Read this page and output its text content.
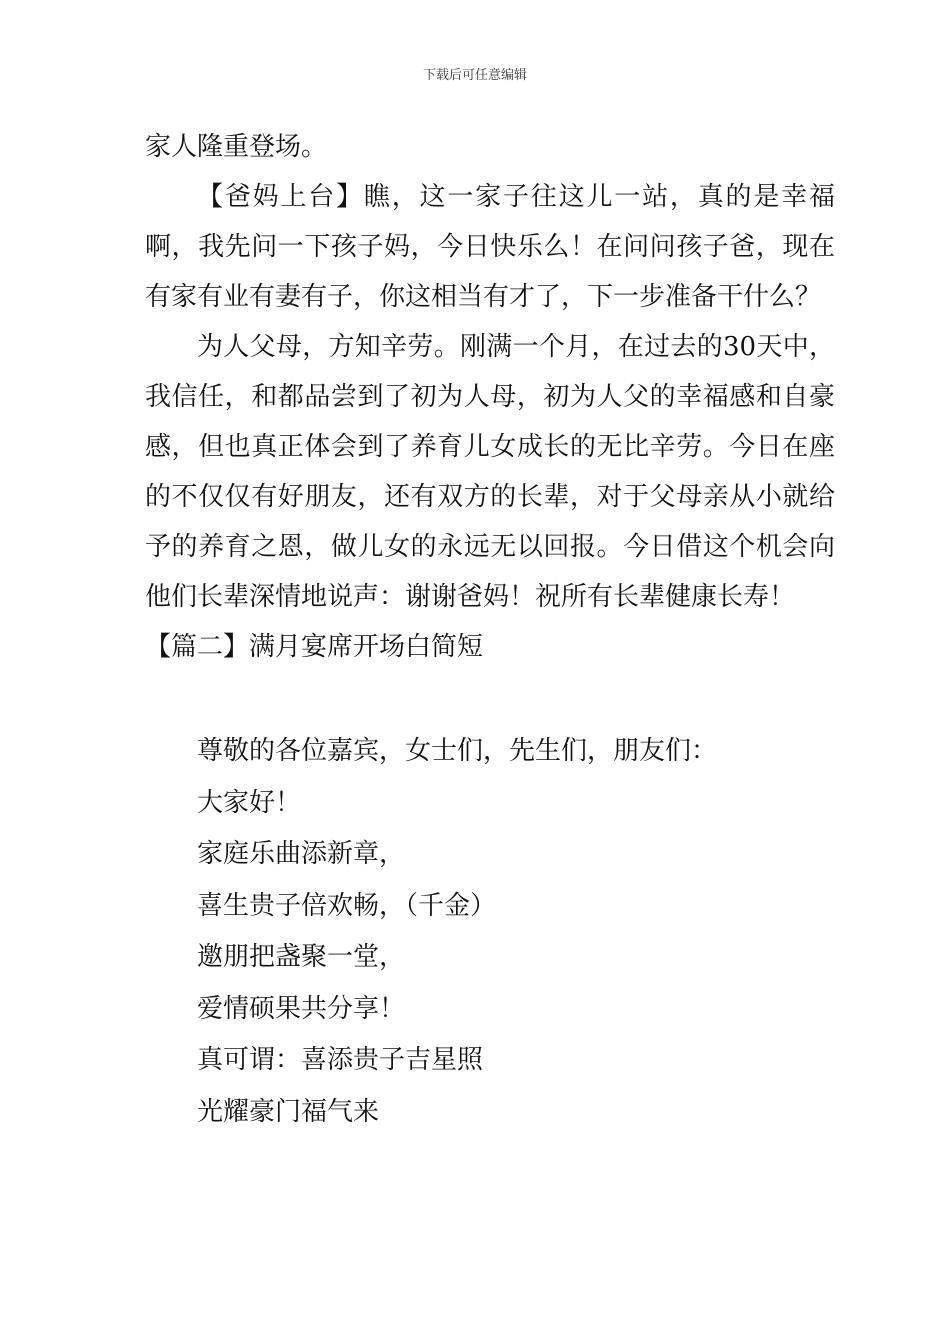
下载后可任意编辑

家人隆重登场。

【爸妈上台】瞧，这一家子往这儿一站，真的是幸福啊，我先问一下孩子妈，今日快乐么！在问问孩子爸，现在有家有业有妻有子，你这相当有才了，下一步准备干什么？

为人父母，方知辛劳。刚满一个月，在过去的30天中，我信任，和都品尝到了初为人母，初为人父的幸福感和自豪感，但也真正体会到了养育儿女成长的无比辛劳。今日在座的不仅仅有好朋友，还有双方的长辈，对于父母亲从小就给予的养育之恩，做儿女的永远无以回报。今日借这个机会向他们长辈深情地说声：谢谢爸妈！祝所有长辈健康长寿！

【篇二】满月宴席开场白简短

尊敬的各位嘉宾，女士们，先生们，朋友们：

大家好！

家庭乐曲添新章，

喜生贵子倍欢畅，（千金）

邀朋把盏聚一堂，

爱情硕果共分享！

真可谓：喜添贵子吉星照

光耀豪门福气来
